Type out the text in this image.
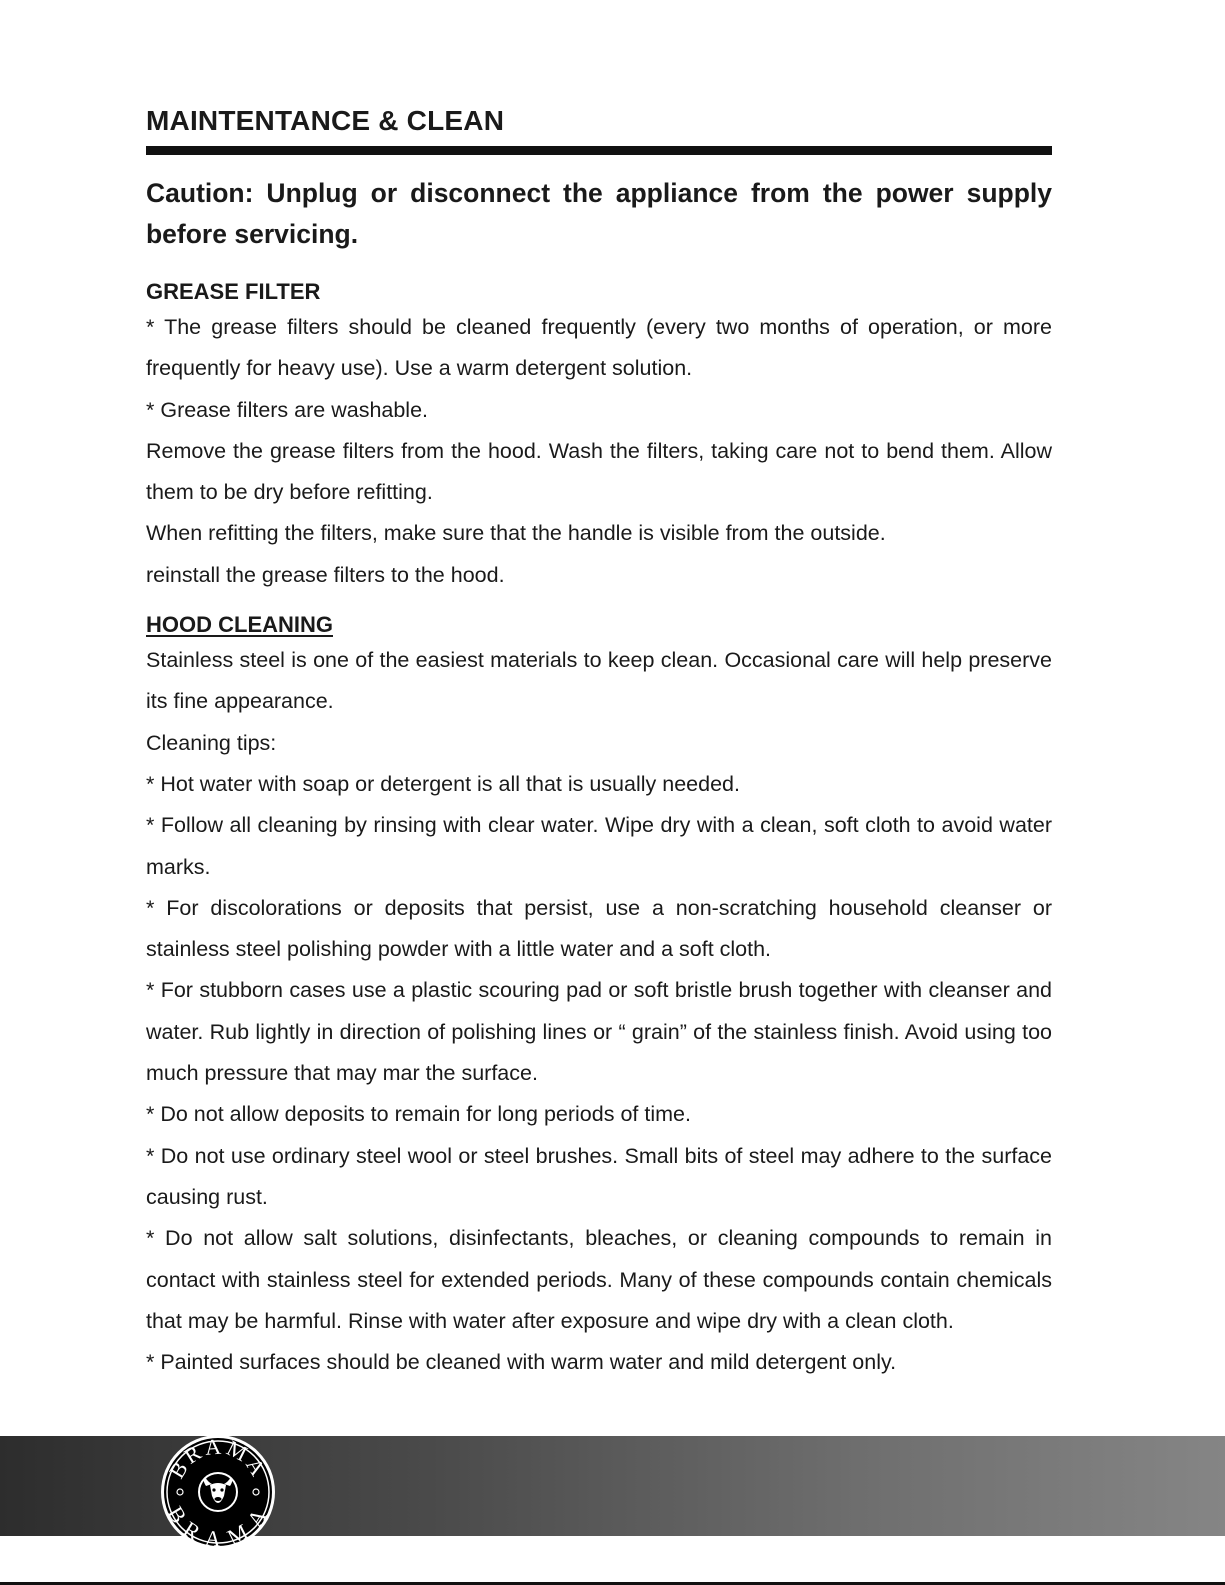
MAINTENTANCE & CLEAN

Caution: Unplug or disconnect the appliance from the power supply before servicing.

GREASE FILTER

* The grease filters should be cleaned frequently (every two months of operation, or more frequently for heavy use). Use a warm detergent solution.

* Grease filters are washable.

Remove the grease filters from the hood. Wash the filters, taking care not to bend them. Allow them to be dry before refitting.

When refitting the filters, make sure that the handle is visible from the outside.

reinstall the grease filters to the hood.

HOOD CLEANING

Stainless steel is one of the easiest materials to keep clean. Occasional care will help preserve its fine appearance.

Cleaning tips:

* Hot water with soap or detergent is all that is usually needed.

* Follow all cleaning by rinsing with clear water. Wipe dry with a clean, soft cloth to avoid water marks.

* For discolorations or deposits that persist, use a non-scratching household cleanser or stainless steel polishing powder with a little water and a soft cloth.

* For stubborn cases use a plastic scouring pad or soft bristle brush together with cleanser and water. Rub lightly in direction of polishing lines or “ grain” of the stainless finish. Avoid using too much pressure that may mar the surface.

* Do not allow deposits to remain for long periods of time.

* Do not use ordinary steel wool or steel brushes. Small bits of steel may adhere to the surface causing rust.

* Do not allow salt solutions, disinfectants, bleaches, or cleaning compounds to remain in contact with stainless steel for extended periods. Many of these compounds contain chemicals that may be harmful. Rinse with water after exposure and wipe dry with a clean cloth.

* Painted surfaces should be cleaned with warm water and mild detergent only.

BRAMA
BRAMA
